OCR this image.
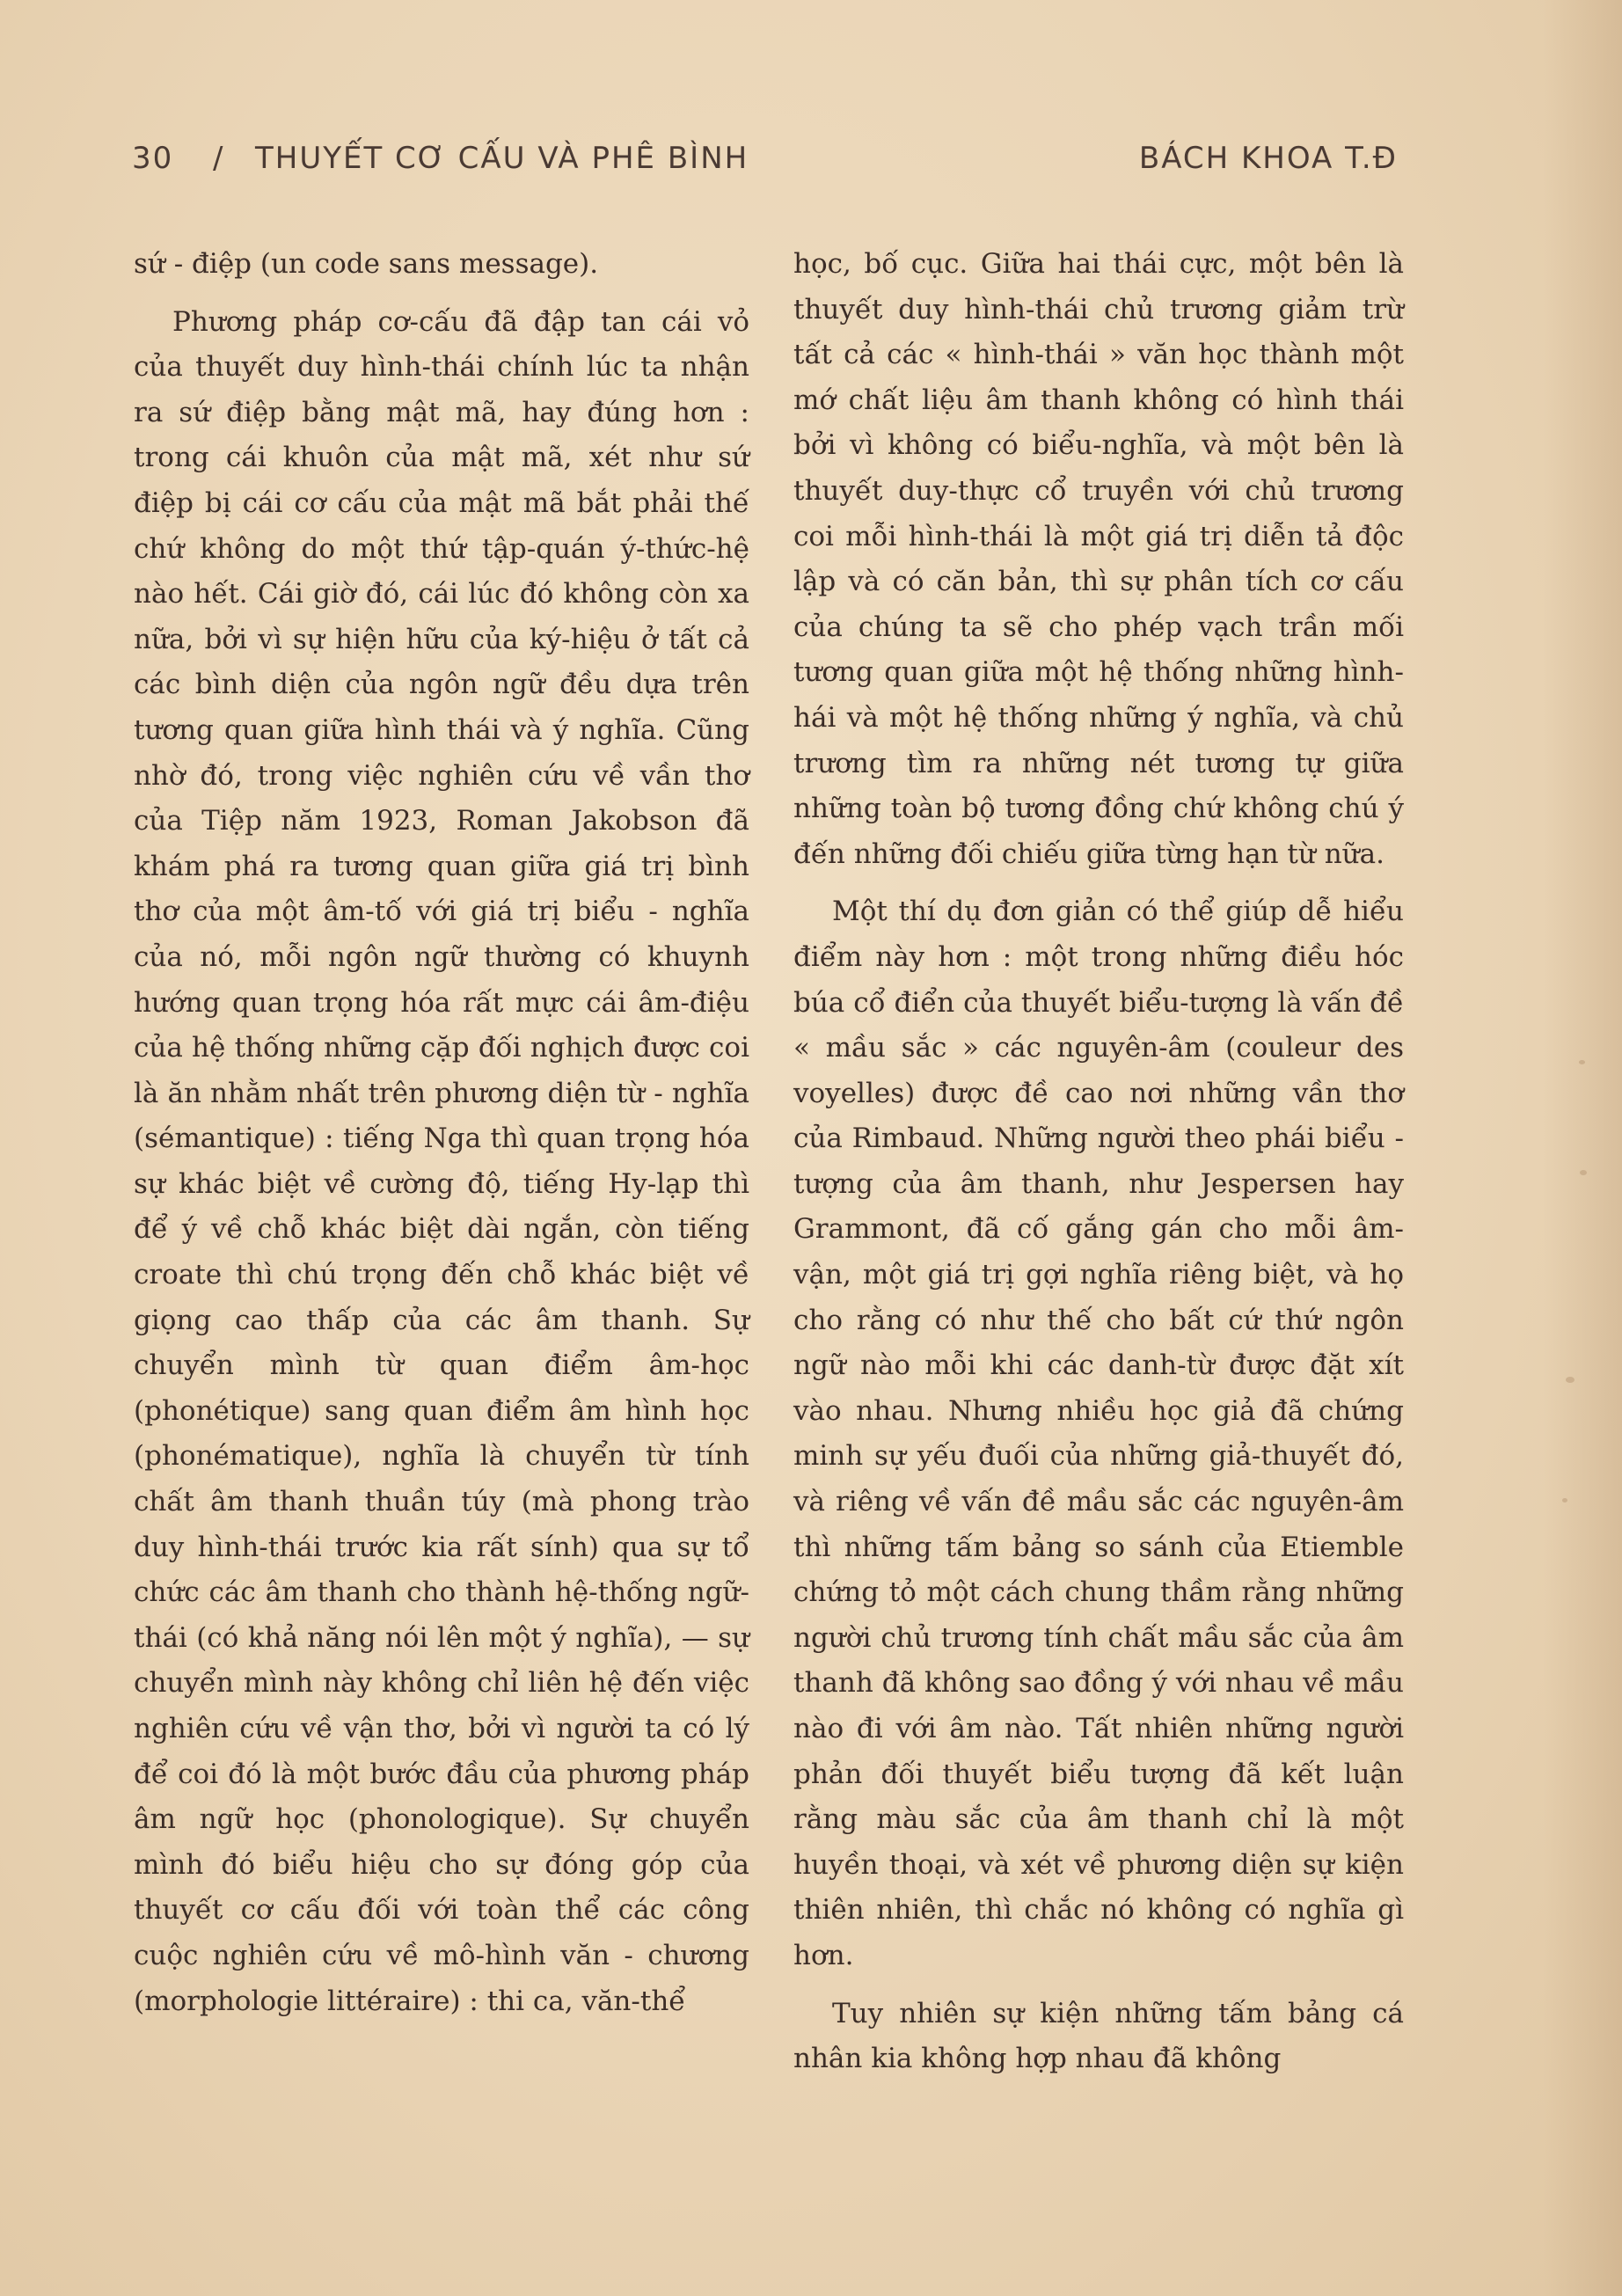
30 / THUYẾT CƠ CẤU VÀ PHÊ BÌNH	BÁCH KHOA T.Đ

sứ - điệp (un code sans message).

Phương pháp cơ-cấu đã đập tan cái vỏ của thuyết duy hình-thái chính lúc ta nhận ra sứ điệp bằng mật mã, hay đúng hơn : trong cái khuôn của mật mã, xét như sứ điệp bị cái cơ cấu của mật mã bắt phải thế chứ không do một thứ tập-quán ý-thức-hệ nào hết. Cái giờ đó, cái lúc đó không còn xa nữa, bởi vì sự hiện hữu của ký-hiệu ở tất cả các bình diện của ngôn ngữ đều dựa trên tương quan giữa hình thái và ý nghĩa. Cũng nhờ đó, trong việc nghiên cứu về vần thơ của Tiệp năm 1923, Roman Jakobson đã khám phá ra tương quan giữa giá trị bình thơ của một âm-tố với giá trị biểu - nghĩa của nó, mỗi ngôn ngữ thường có khuynh hướng quan trọng hóa rất mực cái âm-điệu của hệ thống những cặp đối nghịch được coi là ăn nhằm nhất trên phương diện từ - nghĩa (sémantique) : tiếng Nga thì quan trọng hóa sự khác biệt về cường độ, tiếng Hy-lạp thì để ý về chỗ khác biệt dài ngắn, còn tiếng croate thì chú trọng đến chỗ khác biệt về giọng cao thấp của các âm thanh. Sự chuyển mình từ quan điểm âm-học (phonétique) sang quan điểm âm hình học (phonématique), nghĩa là chuyển từ tính chất âm thanh thuần túy (mà phong trào duy hình-thái trước kia rất sính) qua sự tổ chức các âm thanh cho thành hệ-thống ngữ-thái (có khả năng nói lên một ý nghĩa), — sự chuyển mình này không chỉ liên hệ đến việc nghiên cứu về vận thơ, bởi vì người ta có lý để coi đó là một bước đầu của phương pháp âm ngữ học (phonologique). Sự chuyển mình đó biểu hiệu cho sự đóng góp của thuyết cơ cấu đối với toàn thể các công cuộc nghiên cứu về mô-hình văn - chương (morphologie littéraire) : thi ca, văn-thể

học, bố cục. Giữa hai thái cực, một bên là thuyết duy hình-thái chủ trương giảm trừ tất cả các « hình-thái » văn học thành một mớ chất liệu âm thanh không có hình thái bởi vì không có biểu-nghĩa, và một bên là thuyết duy-thực cổ truyền với chủ trương coi mỗi hình-thái là một giá trị diễn tả độc lập và có căn bản, thì sự phân tích cơ cấu của chúng ta sẽ cho phép vạch trần mối tương quan giữa một hệ thống những hình-hái và một hệ thống những ý nghĩa, và chủ trương tìm ra những nét tương tự giữa những toàn bộ tương đồng chứ không chú ý đến những đối chiếu giữa từng hạn từ nữa.

Một thí dụ đơn giản có thể giúp dễ hiểu điểm này hơn : một trong những điều hóc búa cổ điển của thuyết biểu-tượng là vấn đề « mầu sắc » các nguyên-âm (couleur des voyelles) được đề cao nơi những vần thơ của Rimbaud. Những người theo phái biểu - tượng của âm thanh, như Jespersen hay Grammont, đã cố gắng gán cho mỗi âm-vận, một giá trị gợi nghĩa riêng biệt, và họ cho rằng có như thế cho bất cứ thứ ngôn ngữ nào mỗi khi các danh-từ được đặt xít vào nhau. Nhưng nhiều học giả đã chứng minh sự yếu đuối của những giả-thuyết đó, và riêng về vấn đề mầu sắc các nguyên-âm thì những tấm bảng so sánh của Etiemble chứng tỏ một cách chung thầm rằng những người chủ trương tính chất mầu sắc của âm thanh đã không sao đồng ý với nhau về mầu nào đi với âm nào. Tất nhiên những người phản đối thuyết biểu tượng đã kết luận rằng màu sắc của âm thanh chỉ là một huyền thoại, và xét về phương diện sự kiện thiên nhiên, thì chắc nó không có nghĩa gì hơn.

Tuy nhiên sự kiện những tấm bảng cá nhân kia không hợp nhau đã không
